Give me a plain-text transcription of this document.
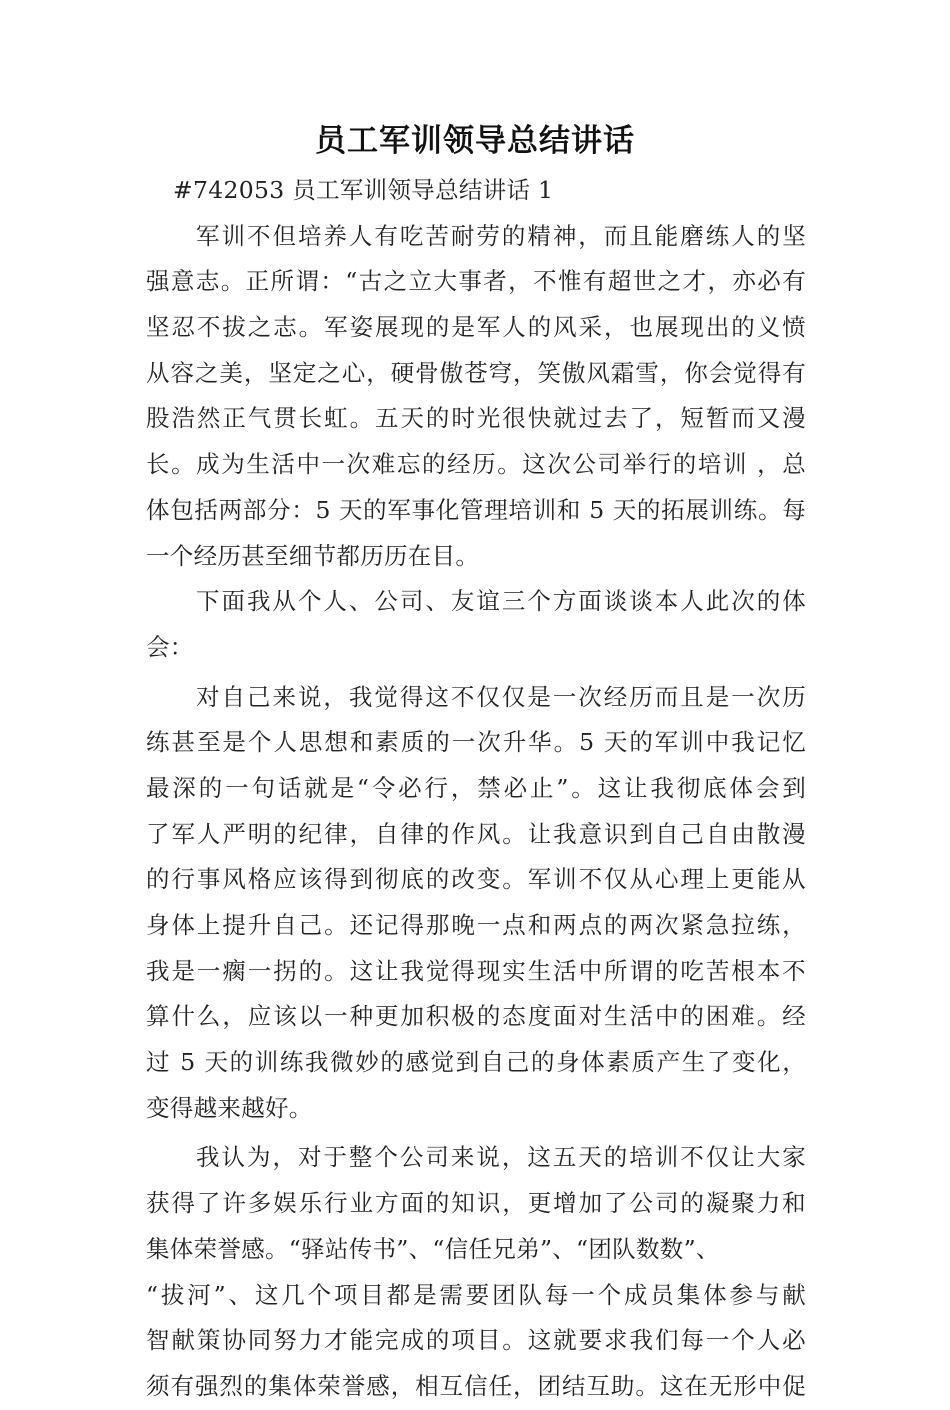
员工军训领导总结讲话
#742053 员工军训领导总结讲话 1
军训不但培养人有吃苦耐劳的精神，而且能磨练人的坚
强意志。正所谓：“古之立大事者，不惟有超世之才，亦必有
坚忍不拔之志。军姿展现的是军人的风采，也展现出的义愤
从容之美，坚定之心，硬骨傲苍穹，笑傲风霜雪，你会觉得有
股浩然正气贯长虹。五天的时光很快就过去了，短暂而又漫
长。成为生活中一次难忘的经历。这次公司举行的培训 ，总
体包括两部分：5 天的军事化管理培训和 5 天的拓展训练。每
一个经历甚至细节都历历在目。
下面我从个人、公司、友谊三个方面谈谈本人此次的体
会：
对自己来说，我觉得这不仅仅是一次经历而且是一次历
练甚至是个人思想和素质的一次升华。5 天的军训中我记忆
最深的一句话就是“令必行，禁必止”。这让我彻底体会到
了军人严明的纪律，自律的作风。让我意识到自己自由散漫
的行事风格应该得到彻底的改变。军训不仅从心理上更能从
身体上提升自己。还记得那晚一点和两点的两次紧急拉练，
我是一瘸一拐的。这让我觉得现实生活中所谓的吃苦根本不
算什么，应该以一种更加积极的态度面对生活中的困难。经
过 5 天的训练我微妙的感觉到自己的身体素质产生了变化，
变得越来越好。
我认为，对于整个公司来说，这五天的培训不仅让大家
获得了许多娱乐行业方面的知识，更增加了公司的凝聚力和
集体荣誉感。“驿站传书”、“信任兄弟”、“团队数数”、
“拔河”、这几个项目都是需要团队每一个成员集体参与献
智献策协同努力才能完成的项目。这就要求我们每一个人必
须有强烈的集体荣誉感，相互信任，团结互助。这在无形中促
